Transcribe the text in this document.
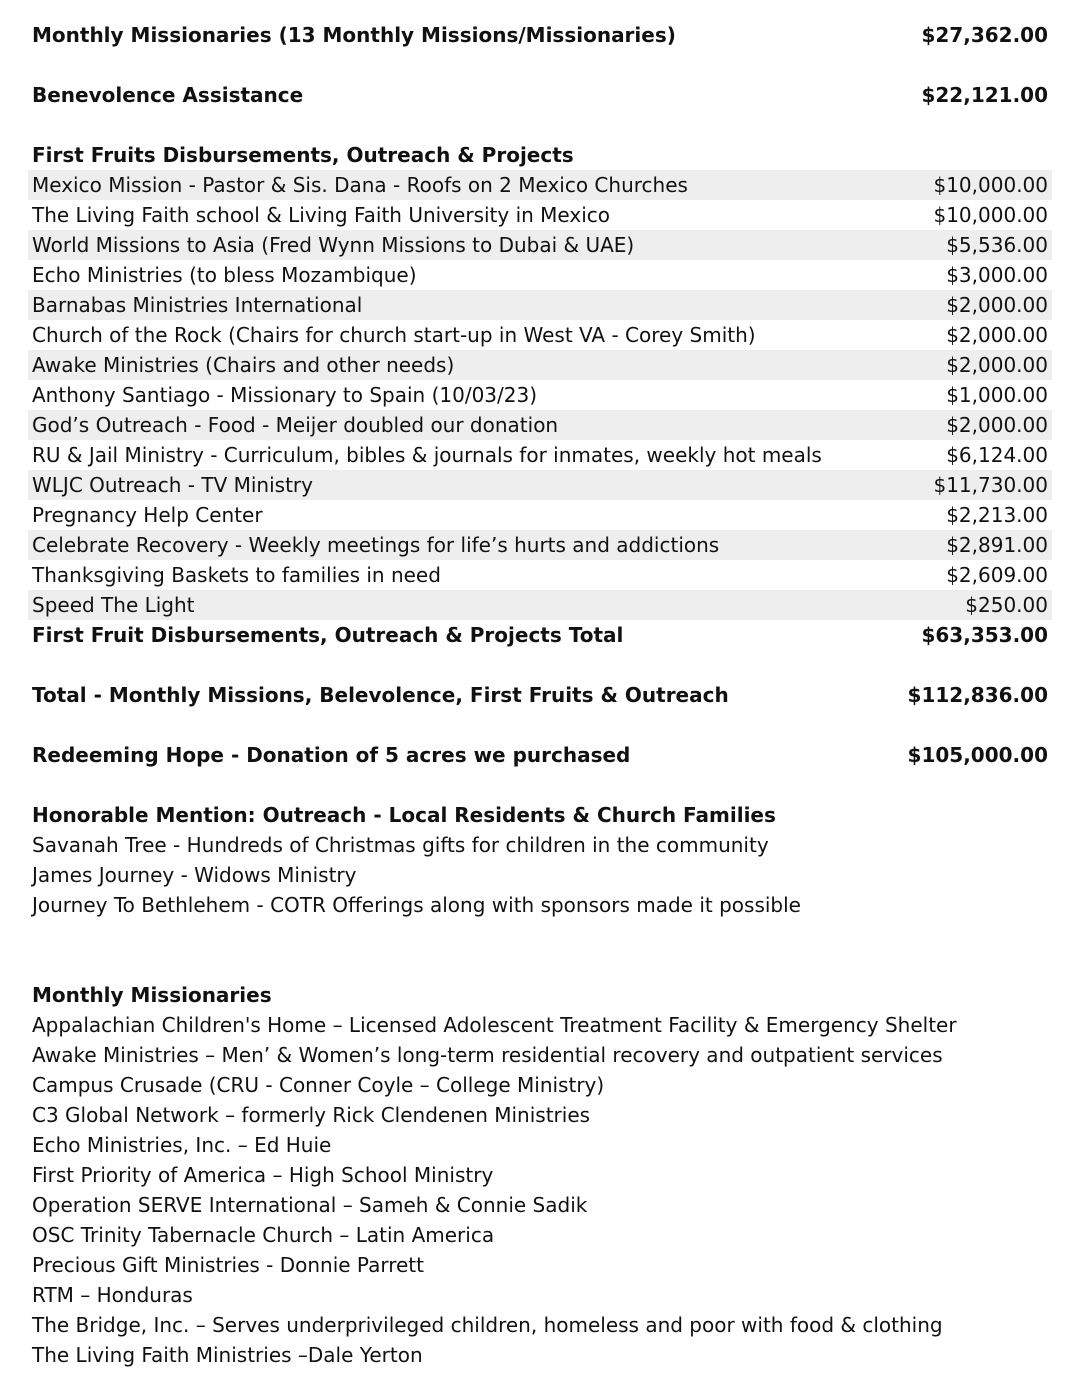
Monthly Missionaries (13 Monthly Missions/Missionaries)	$27,362.00
Benevolence Assistance	$22,121.00
First Fruits Disbursements, Outreach & Projects
Mexico Mission - Pastor & Sis. Dana - Roofs on 2 Mexico Churches	$10,000.00
The Living Faith school & Living Faith University in Mexico	$10,000.00
World Missions to Asia (Fred Wynn Missions to Dubai & UAE)	$5,536.00
Echo Ministries (to bless Mozambique)	$3,000.00
Barnabas Ministries International	$2,000.00
Church of the Rock (Chairs for church start-up in West VA - Corey Smith)	$2,000.00
Awake Ministries (Chairs and other needs)	$2,000.00
Anthony Santiago - Missionary to Spain (10/03/23)	$1,000.00
God’s Outreach - Food - Meijer doubled our donation	$2,000.00
RU & Jail Ministry - Curriculum, bibles & journals for inmates, weekly hot meals	$6,124.00
WLJC Outreach - TV Ministry	$11,730.00
Pregnancy Help Center	$2,213.00
Celebrate Recovery - Weekly meetings for life’s hurts and addictions	$2,891.00
Thanksgiving Baskets to families in need	$2,609.00
Speed The Light	$250.00
First Fruit Disbursements, Outreach & Projects Total	$63,353.00
Total - Monthly Missions, Belevolence, First Fruits & Outreach	$112,836.00
Redeeming Hope - Donation of 5 acres we purchased	$105,000.00
Honorable Mention: Outreach - Local Residents & Church Families
Savanah Tree - Hundreds of Christmas gifts for children in the community
James Journey - Widows Ministry
Journey To Bethlehem - COTR Offerings along with sponsors made it possible
Monthly Missionaries
Appalachian Children's Home – Licensed Adolescent Treatment Facility & Emergency Shelter
Awake Ministries – Men’ & Women’s long-term residential recovery and outpatient services
Campus Crusade (CRU - Conner Coyle – College Ministry)
C3 Global Network – formerly Rick Clendenen Ministries
Echo Ministries, Inc. – Ed Huie
First Priority of America – High School Ministry
Operation SERVE International – Sameh & Connie Sadik
OSC Trinity Tabernacle Church – Latin America
Precious Gift Ministries - Donnie Parrett
RTM – Honduras
The Bridge, Inc. – Serves underprivileged children, homeless and poor with food & clothing
The Living Faith Ministries –Dale Yerton
